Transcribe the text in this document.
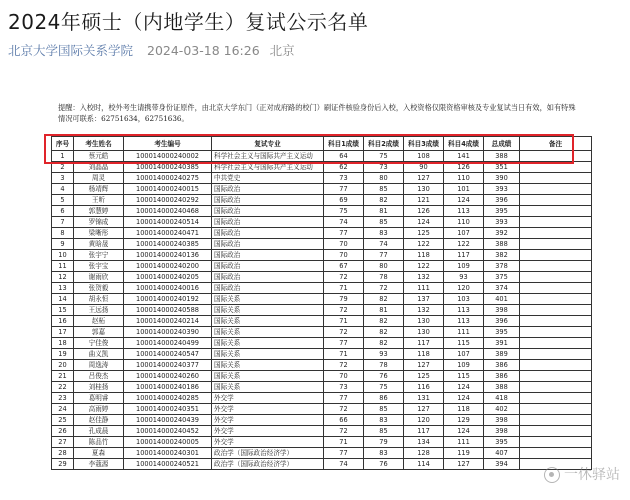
2024年硕士（内地学生）复试公示名单
北京大学国际关系学院 2024-03-18 16:26 北京
提醒：入校时，校外考生请携带身份证原件，由北京大学东门（正对成府路的校门）刷证件核验身份后入校，入校资格仅限资格审核及专业复试当日有效，如有特殊情况可联系：62751634，62751636。
序号	考生姓名	考生编号	复试专业	科目1成绩	科目2成绩	科目3成绩	科目4成绩	总成绩	备注
1	蔡元皓	100014000240002	科学社会主义与国际共产主义运动	64	75	108	141	388	
2	刘晶晶	100014000240385	科学社会主义与国际共产主义运动	62	73	90	126	351	
3	周灵	100014000240275	中共党史	73	80	127	110	390	
4	杨靖辉	100014000240015	国际政治	77	85	130	101	393	
5	王昕	100014000240292	国际政治	69	82	121	124	396	
6	郭慧婷	100014000240468	国际政治	75	81	126	113	395	
7	罗锦成	100014000240514	国际政治	74	85	124	110	393	
8	梁晰彤	100014000240471	国际政治	77	83	125	107	392	
9	黄晗晟	100014000240385	国际政治	70	74	122	122	388	
10	张宇宁	100014000240136	国际政治	70	77	118	117	382	
11	张宇宝	100014000240200	国际政治	67	80	122	109	378	
12	谢雨欣	100014000240205	国际政治	72	78	132	93	375	
13	张贺毅	100014000240016	国际政治	71	72	111	120	374	
14	胡永恒	100014000240192	国际关系	79	82	137	103	401	
15	王远扬	100014000240588	国际关系	72	81	132	113	398	
16	赵柘	100014000240214	国际关系	71	82	130	113	396	
17	郭嘉	100014000240390	国际关系	72	82	130	111	395	
18	宁佳俊	100014000240499	国际关系	77	82	117	115	391	
19	曲义凯	100014000240547	国际关系	71	93	118	107	389	
20	周逸涛	100014000240377	国际关系	72	78	127	109	386	
21	吕俊杰	100014000240260	国际关系	70	76	125	115	386	
22	刘桂扬	100014000240186	国际关系	73	75	116	124	388	
23	葛明睿	100014000240285	外交学	77	86	131	124	418	
24	高雨婷	100014000240351	外交学	72	85	127	118	402	
25	赵佳静	100014000240439	外交学	66	83	120	129	398	
26	孔成晨	100014000240452	外交学	72	85	117	124	398	
27	陈品竹	100014000240005	外交学	71	79	134	111	395	
28	夏森	100014000240301	政治学（国际政治经济学）	77	83	128	119	407	
29	李蔻源	100014000240521	政治学（国际政治经济学）	74	76	114	127	394	
一休驿站
